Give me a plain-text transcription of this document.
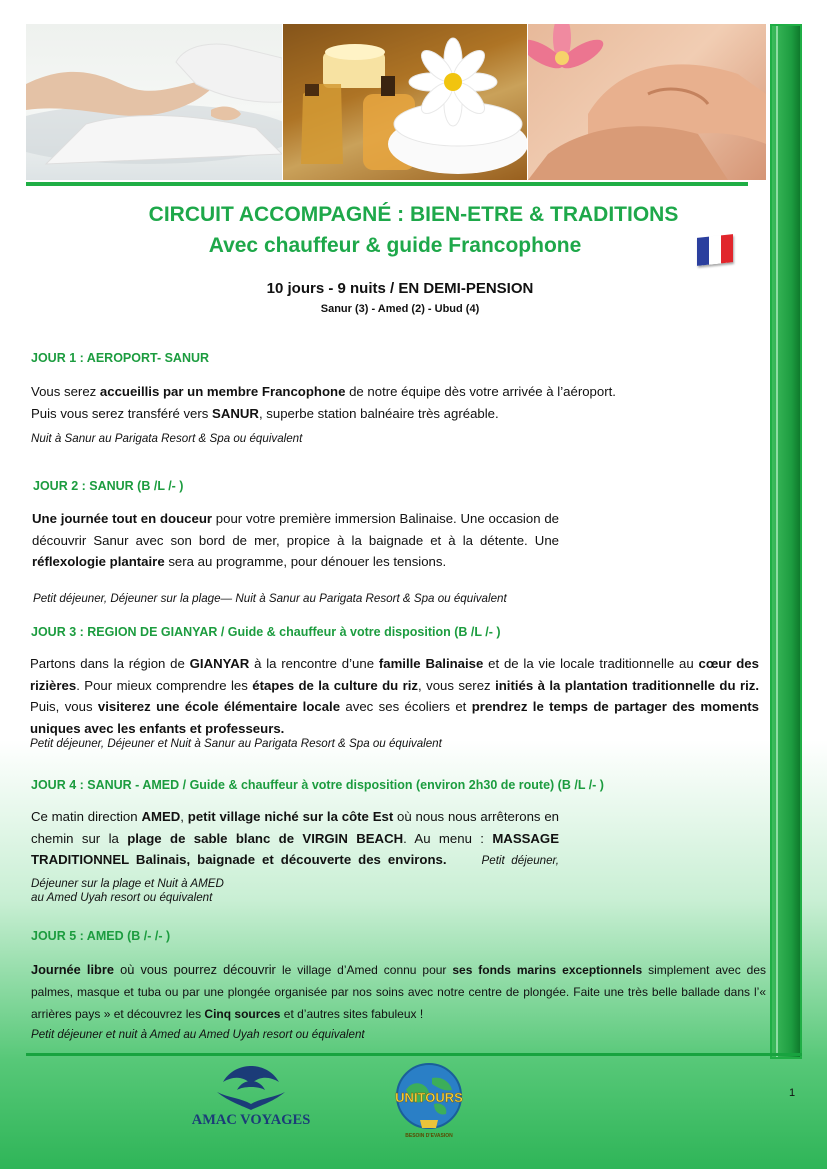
CIRCUIT ACCOMPAGNÉ : BIEN-ETRE & TRADITIONS
Avec chauffeur & guide Francophone
10 jours - 9 nuits / EN DEMI-PENSION
Sanur (3) - Amed (2) - Ubud (4)
JOUR 1 : AEROPORT- SANUR
Vous serez accueillis par un membre Francophone de notre équipe dès votre arrivée à l’aéroport.
Puis vous serez transféré vers SANUR, superbe station balnéaire très agréable.
Nuit à Sanur au Parigata Resort & Spa ou équivalent
JOUR 2 : SANUR (B /L /- )
Une journée tout en douceur pour votre première immersion Balinaise. Une occasion de découvrir Sanur avec son bord de mer, propice à la baignade et à la détente. Une réflexologie plantaire sera au programme, pour dénouer les tensions.
Petit déjeuner, Déjeuner sur la plage— Nuit à Sanur au Parigata Resort & Spa ou équivalent
JOUR 3 : REGION DE GIANYAR / Guide & chauffeur à votre disposition (B /L /- )
Partons dans la région de GIANYAR à la rencontre d’une famille Balinaise et de la vie locale traditionnelle au cœur des rizières. Pour mieux comprendre les étapes de la culture du riz, vous serez initiés à la plantation traditionnelle du riz. Puis, vous visiterez une école élémentaire locale avec ses écoliers et prendrez le temps de partager des moments uniques avec les enfants et professeurs.
Petit déjeuner, Déjeuner et Nuit à Sanur au Parigata Resort & Spa ou équivalent
JOUR 4 : SANUR - AMED / Guide & chauffeur à votre disposition (environ 2h30 de route) (B /L /- )
Ce matin direction AMED, petit village niché sur la côte Est où nous nous arrêterons en chemin sur la plage de sable blanc de VIRGIN BEACH. Au menu : MASSAGE TRADITIONNEL Balinais, baignade et découverte des environs.	Petit déjeuner, Déjeuner sur la plage et Nuit à AMED
au Amed Uyah resort ou équivalent
JOUR 5 : AMED (B /- /- )
Journée libre où vous pourrez découvrir le village d’Amed connu pour ses fonds marins exceptionnels simplement avec des palmes, masque et tuba ou par une plongée organisée par nos soins avec notre centre de plongée. Faite une très belle ballade dans l’« arrières pays » et découvrez les Cinq sources et d’autres sites fabuleux !
Petit déjeuner et nuit à Amed au Amed Uyah resort ou équivalent
AMAC VOYAGES
UNITOURS
BESOIN D'EVASION
1
